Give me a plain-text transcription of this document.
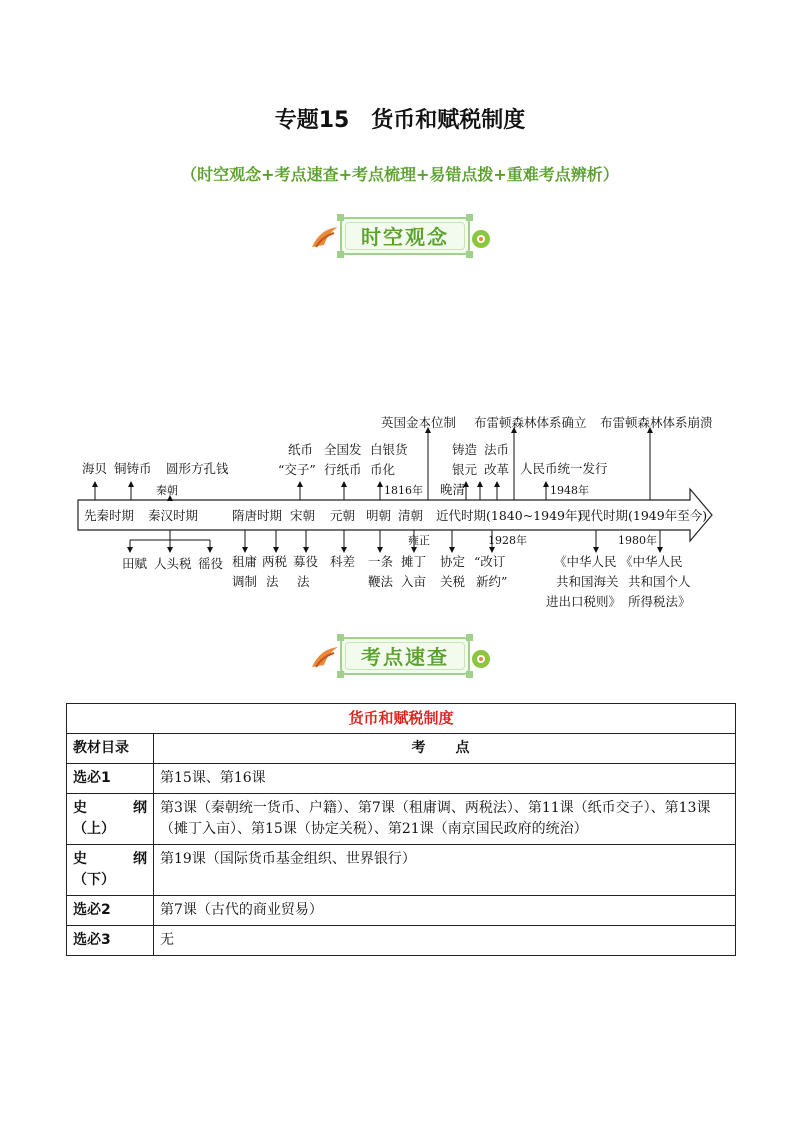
专题15　货币和赋税制度
（时空观念+考点速查+考点梳理+易错点拨+重难考点辨析）
时空观念
先秦时期 秦汉时期	隋唐时期 宋朝 元朝 明朝 清朝 近代时期(1840~1949年)
现代时期(1949年至今)
海贝 铜铸币 圆形方孔钱
秦朝
纸币
“交子”
全国发
行纸币
白银货
币化
1816年
英国金本位制
铸造
银元
晚清
法币
改革
布雷顿森林体系确立 布雷顿森林体系崩溃
人民币统一发行
1948年
田赋 人头税 徭役 租庸
调制
两税
法
募役
法
科差 一条
鞭法
雍正
摊丁
入亩
协定
关税
1928年
“改订
新约”
《中华人民
共和国海关
进出口税则》
1980年
《中华人民
共和国个人
所得税法》
考点速查
货币和赋税制度	
教材目录	考　点
选必1	第15课、第16课

史 纲
（上）	第3课（秦朝统一货币、户籍）、第7课（租庸调、两税法）、第11课（纸币交子）、第13课（摊丁入亩）、第15课（协定关税）、第21课（南京国民政府的统治）

史 纲
（下）	第19课（国际货币基金组织、世界银行）
选必2	第7课（古代的商业贸易）
选必3	无
